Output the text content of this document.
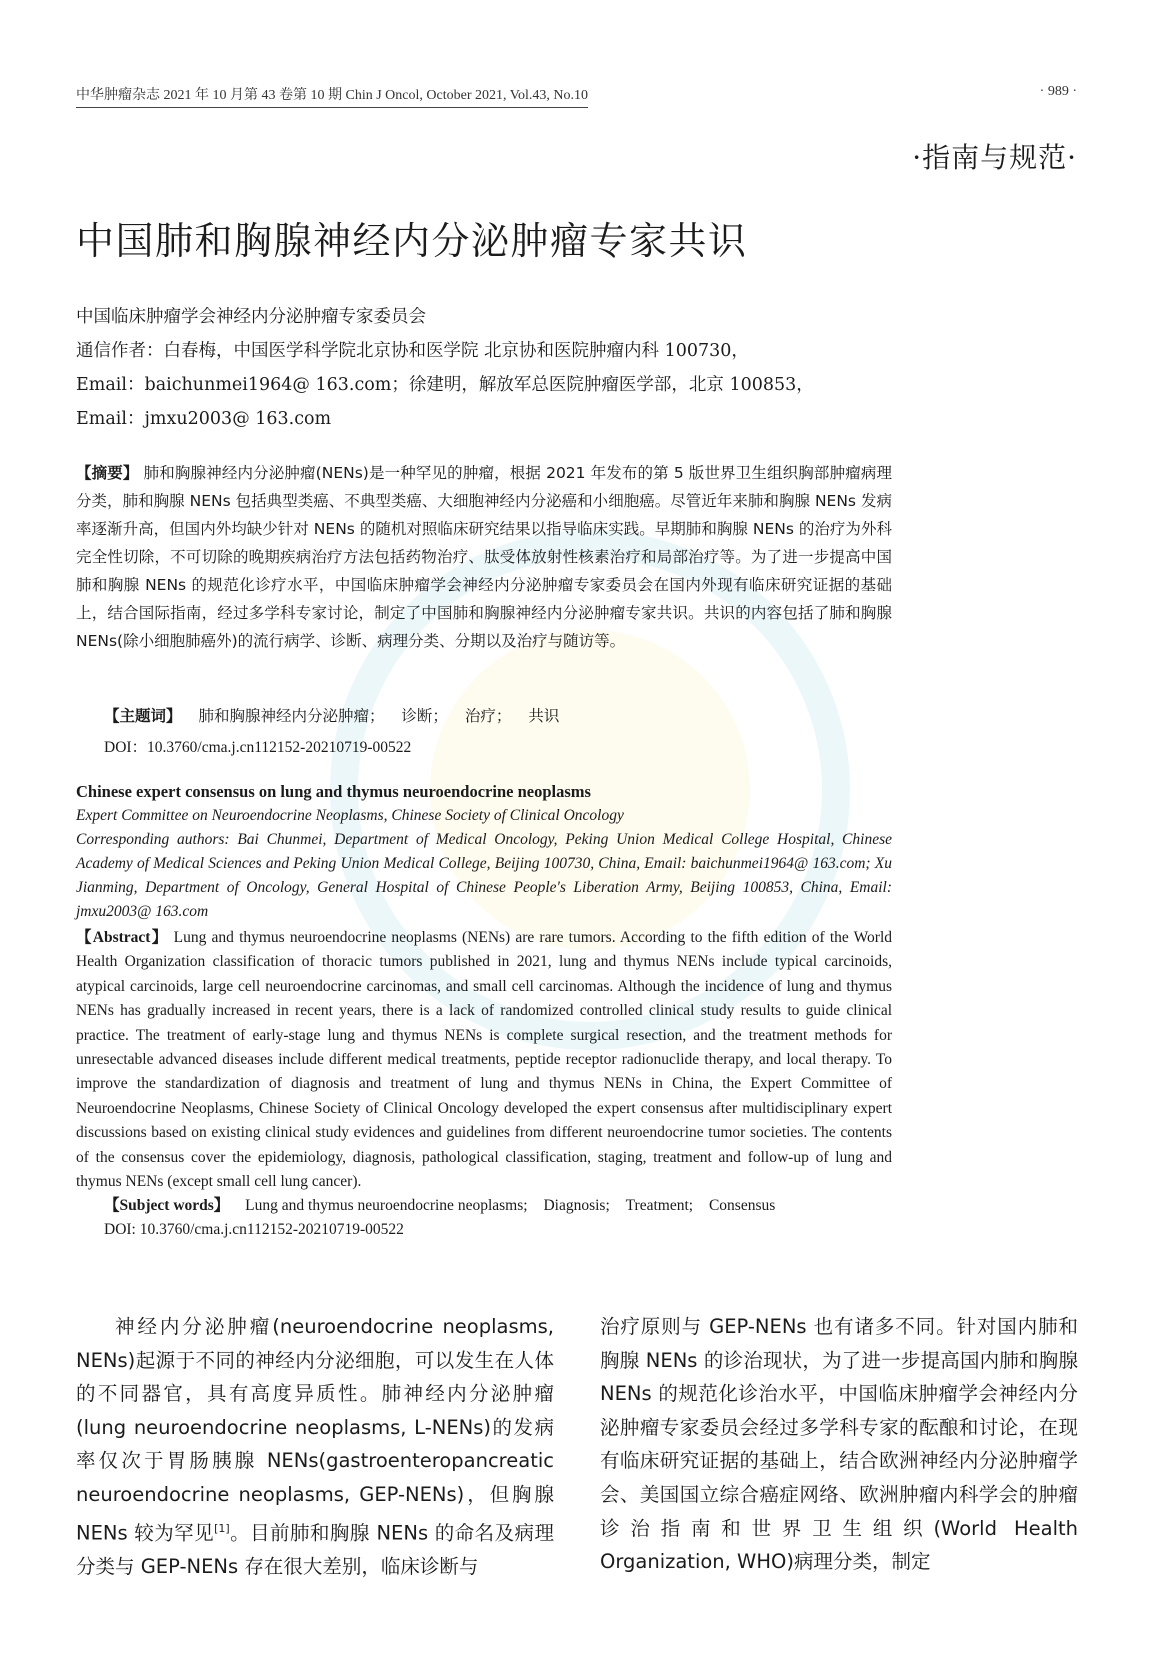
中华肿瘤杂志 2021 年 10 月第 43 卷第 10 期 Chin J Oncol, October 2021, Vol.43, No.10	· 989 ·
·指南与规范·
中国肺和胸腺神经内分泌肿瘤专家共识
中国临床肿瘤学会神经内分泌肿瘤专家委员会
通信作者：白春梅，中国医学科学院北京协和医学院 北京协和医院肿瘤内科 100730，
Email：baichunmei1964@ 163.com；徐建明，解放军总医院肿瘤医学部，北京 100853，
Email：jmxu2003@ 163.com
【摘要】 肺和胸腺神经内分泌肿瘤(NENs)是一种罕见的肿瘤，根据 2021 年发布的第 5 版世界卫生组织胸部肿瘤病理分类，肺和胸腺 NENs 包括典型类癌、不典型类癌、大细胞神经内分泌癌和小细胞癌。尽管近年来肺和胸腺 NENs 发病率逐渐升高，但国内外均缺少针对 NENs 的随机对照临床研究结果以指导临床实践。早期肺和胸腺 NENs 的治疗为外科完全性切除，不可切除的晚期疾病治疗方法包括药物治疗、肽受体放射性核素治疗和局部治疗等。为了进一步提高中国肺和胸腺 NENs 的规范化诊疗水平，中国临床肿瘤学会神经内分泌肿瘤专家委员会在国内外现有临床研究证据的基础上，结合国际指南，经过多学科专家讨论，制定了中国肺和胸腺神经内分泌肿瘤专家共识。共识的内容包括了肺和胸腺 NENs(除小细胞肺癌外)的流行病学、诊断、病理分类、分期以及治疗与随访等。
【主题词】 肺和胸腺神经内分泌肿瘤； 诊断； 治疗； 共识
DOI：10.3760/cma.j.cn112152-20210719-00522
Chinese expert consensus on lung and thymus neuroendocrine neoplasms
Expert Committee on Neuroendocrine Neoplasms, Chinese Society of Clinical Oncology
Corresponding authors: Bai Chunmei, Department of Medical Oncology, Peking Union Medical College Hospital, Chinese Academy of Medical Sciences and Peking Union Medical College, Beijing 100730, China, Email: baichunmei1964@ 163.com; Xu Jianming, Department of Oncology, General Hospital of Chinese People's Liberation Army, Beijing 100853, China, Email: jmxu2003@ 163.com
【Abstract】 Lung and thymus neuroendocrine neoplasms (NENs) are rare tumors. According to the fifth edition of the World Health Organization classification of thoracic tumors published in 2021, lung and thymus NENs include typical carcinoids, atypical carcinoids, large cell neuroendocrine carcinomas, and small cell carcinomas. Although the incidence of lung and thymus NENs has gradually increased in recent years, there is a lack of randomized controlled clinical study results to guide clinical practice. The treatment of early-stage lung and thymus NENs is complete surgical resection, and the treatment methods for unresectable advanced diseases include different medical treatments, peptide receptor radionuclide therapy, and local therapy. To improve the standardization of diagnosis and treatment of lung and thymus NENs in China, the Expert Committee of Neuroendocrine Neoplasms, Chinese Society of Clinical Oncology developed the expert consensus after multidisciplinary expert discussions based on existing clinical study evidences and guidelines from different neuroendocrine tumor societies. The contents of the consensus cover the epidemiology, diagnosis, pathological classification, staging, treatment and follow-up of lung and thymus NENs (except small cell lung cancer).
【Subject words】 Lung and thymus neuroendocrine neoplasms; Diagnosis; Treatment; Consensus
DOI: 10.3760/cma.j.cn112152-20210719-00522
神经内分泌肿瘤(neuroendocrine neoplasms, NENs)起源于不同的神经内分泌细胞，可以发生在人体的不同器官，具有高度异质性。肺神经内分泌肿瘤(lung neuroendocrine neoplasms, L-NENs)的发病率仅次于胃肠胰腺 NENs(gastroenteropancreatic neuroendocrine neoplasms, GEP-NENs)，但胸腺 NENs 较为罕见[1]。目前肺和胸腺 NENs 的命名及病理分类与 GEP-NENs 存在很大差别，临床诊断与
治疗原则与 GEP-NENs 也有诸多不同。针对国内肺和胸腺 NENs 的诊治现状，为了进一步提高国内肺和胸腺 NENs 的规范化诊治水平，中国临床肿瘤学会神经内分泌肿瘤专家委员会经过多学科专家的酝酿和讨论，在现有临床研究证据的基础上，结合欧洲神经内分泌肿瘤学会、美国国立综合癌症网络、欧洲肿瘤内科学会的肿瘤诊治指南和世界卫生组织(World Health Organization, WHO)病理分类，制定
